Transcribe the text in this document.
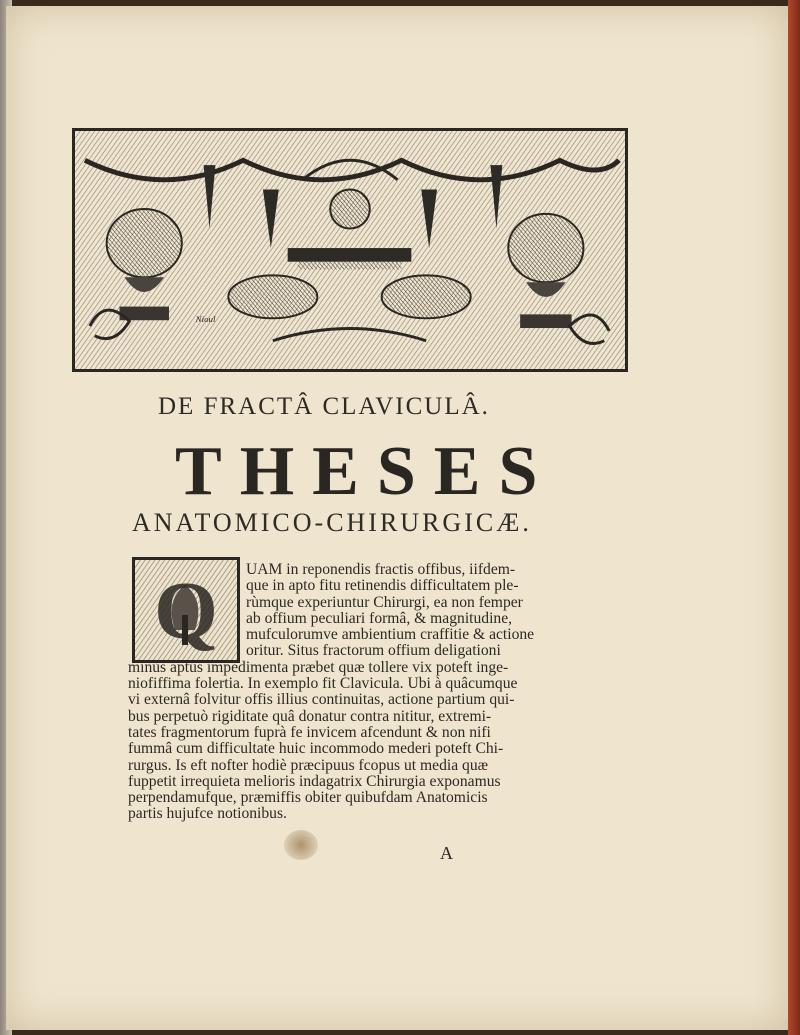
Nioul
DE FRACTÂ CLAVICULÂ.
THESES
ANATOMICO-CHIRURGICÆ.
Q	UAM in reponendis fractis offibus, iifdem-
que in apto fitu retinendis difficultatem ple-
rùmque experiuntur Chirurgi, ea non femper
ab offium peculiari formâ, & magnitudine,
mufculorumve ambientium craffitie & actione
oritur. Situs fractorum offium deligationi
minùs aptus impedimenta præbet quæ tollere vix poteft inge-
niofiffima folertia. In exemplo fit Clavicula. Ubi à quâcumque
vi externâ folvitur offis illius continuitas, actione partium qui-
bus perpetuò rigiditate quâ donatur contra nititur, extremi-
tates fragmentorum fuprà fe invicem afcendunt & non nifi
fummâ cum difficultate huic incommodo mederi poteft Chi-
rurgus. Is eft nofter hodiè præcipuus fcopus ut media quæ
fuppetit irrequieta melioris indagatrix Chirurgia exponamus
perpendamufque, præmiffis obiter quibufdam Anatomicis
partis hujufce notionibus.
A
